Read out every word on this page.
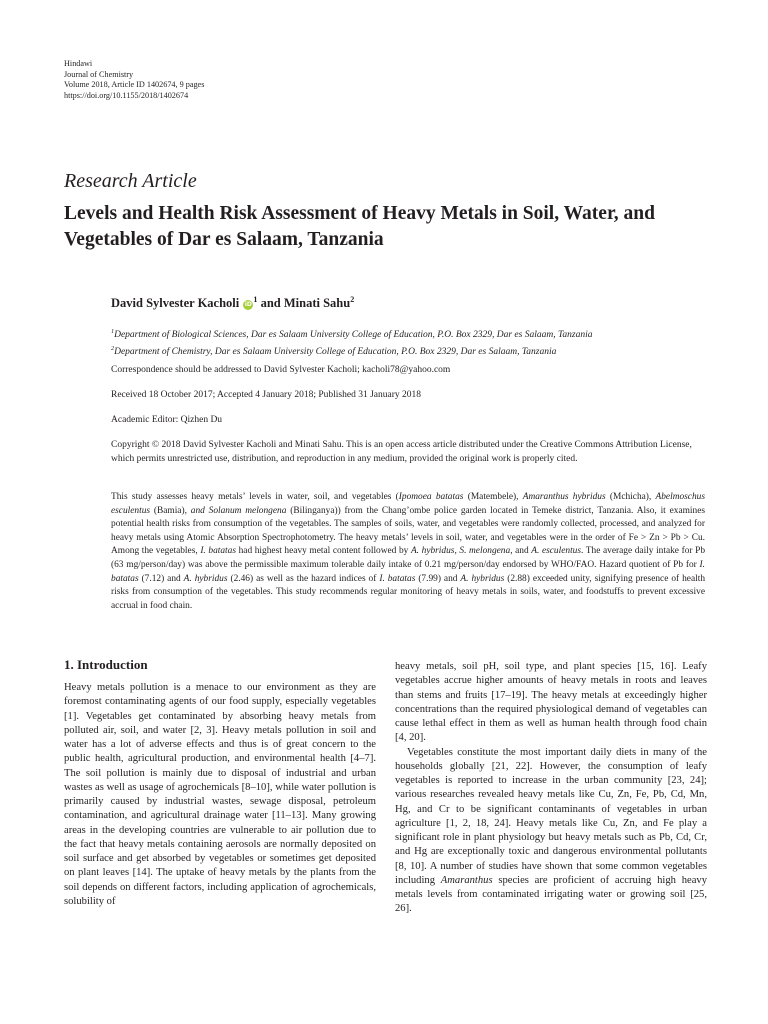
Hindawi
Journal of Chemistry
Volume 2018, Article ID 1402674, 9 pages
https://doi.org/10.1155/2018/1402674
Research Article
Levels and Health Risk Assessment of Heavy Metals in Soil, Water, and Vegetables of Dar es Salaam, Tanzania
David Sylvester Kacholi $iD^1$ and Minati Sahu$^2$
$^1$Department of Biological Sciences, Dar es Salaam University College of Education, P.O. Box 2329, Dar es Salaam, Tanzania
$^2$Department of Chemistry, Dar es Salaam University College of Education, P.O. Box 2329, Dar es Salaam, Tanzania
Correspondence should be addressed to David Sylvester Kacholi; kacholi78@yahoo.com
Received 18 October 2017; Accepted 4 January 2018; Published 31 January 2018
Academic Editor: Qizhen Du
Copyright © 2018 David Sylvester Kacholi and Minati Sahu. This is an open access article distributed under the Creative Commons Attribution License, which permits unrestricted use, distribution, and reproduction in any medium, provided the original work is properly cited.
This study assesses heavy metals’ levels in water, soil, and vegetables (Ipomoea batatas (Matembele), Amaranthus hybridus (Mchicha), Abelmoschus esculentus (Bamia), and Solanum melongena (Bilinganya)) from the Chang’ombe police garden located in Temeke district, Tanzania. Also, it examines potential health risks from consumption of the vegetables. The samples of soils, water, and vegetables were randomly collected, processed, and analyzed for heavy metals using Atomic Absorption Spectrophotometry. The heavy metals’ levels in soil, water, and vegetables were in the order of Fe > Zn > Pb > Cu. Among the vegetables, I. batatas had highest heavy metal content followed by A. hybridus, S. melongena, and A. esculentus. The average daily intake for Pb (63 mg/person/day) was above the permissible maximum tolerable daily intake of 0.21 mg/person/day endorsed by WHO/FAO. Hazard quotient of Pb for I. batatas (7.12) and A. hybridus (2.46) as well as the hazard indices of I. batatas (7.99) and A. hybridus (2.88) exceeded unity, signifying presence of health risks from consumption of the vegetables. This study recommends regular monitoring of heavy metals in soils, water, and foodstuffs to prevent excessive accrual in food chain.
1. Introduction

Heavy metals pollution is a menace to our environment as they are foremost contaminating agents of our food supply, especially vegetables [1]. Vegetables get contaminated by absorbing heavy metals from polluted air, soil, and water [2, 3]. Heavy metals pollution in soil and water has a lot of adverse effects and thus is of great concern to the public health, agricultural production, and environmental health [4–7]. The soil pollution is mainly due to disposal of industrial and urban wastes as well as usage of agrochemicals [8–10], while water pollution is primarily caused by industrial wastes, sewage disposal, petroleum contamination, and agricultural drainage water [11–13]. Many growing areas in the developing countries are vulnerable to air pollution due to the fact that heavy metals containing aerosols are normally deposited on soil surface and get absorbed by vegetables or sometimes get deposited on plant leaves [14]. The uptake of heavy metals by the plants from the soil depends on different factors, including application of agrochemicals, solubility of

heavy metals, soil pH, soil type, and plant species [15, 16]. Leafy vegetables accrue higher amounts of heavy metals in roots and leaves than stems and fruits [17–19]. The heavy metals at exceedingly higher concentrations than the required physiological demand of vegetables can cause lethal effect in them as well as human health through food chain [4, 20].

Vegetables constitute the most important daily diets in many of the households globally [21, 22]. However, the consumption of leafy vegetables is reported to increase in the urban community [23, 24]; various researches revealed heavy metals like Cu, Zn, Fe, Pb, Cd, Mn, Hg, and Cr to be significant contaminants of vegetables in urban agriculture [1, 2, 18, 24]. Heavy metals like Cu, Zn, and Fe play a significant role in plant physiology but heavy metals such as Pb, Cd, Cr, and Hg are exceptionally toxic and dangerous environmental pollutants [8, 10]. A number of studies have shown that some common vegetables including Amaranthus species are proficient of accruing high heavy metals levels from contaminated irrigating water or growing soil [25, 26].
